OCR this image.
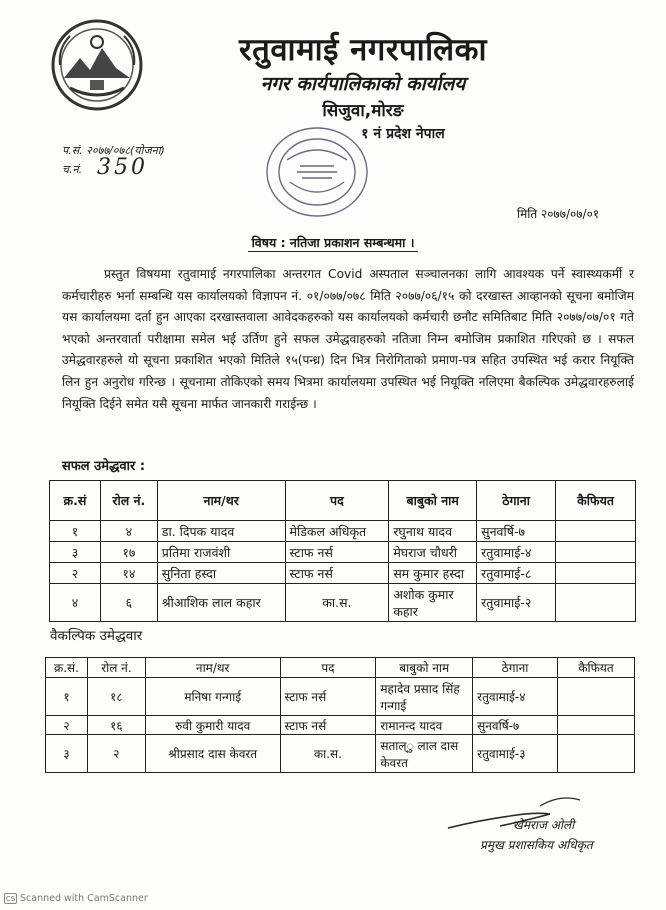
रतुवामाई नगरपालिका
नगर कार्यपालिकाको कार्यालय
सिजुवा,मोरङ
१ नं प्रदेश नेपाल
प.सं. २०७७/०७८(योजना)
च.नं. 350
मिति २०७७/०७/०१
विषय : नतिजा प्रकाशन सम्बन्धमा ।
प्रस्तुत विषयमा रतुवामाई नगरपालिका अन्तरगत Covid अस्पताल सञ्चालनका लागि आवश्यक पर्ने स्वास्थ्यकर्मी र कर्मचारीहरु भर्ना सम्बन्धि यस कार्यालयको विज्ञापन नं. ०१/०७७/०७८ मिति २०७७/०६/१५ को दरखास्त आव्हानको सूचना बमोजिम यस कार्यालयमा दर्ता हुन आएका दरखास्तवाला आवेदकहरुको यस कार्यालयको कर्मचारी छनौट समितिबाट मिति २०७७/०७/०१ गते भएको अन्तरवार्ता परीक्षामा समेल भई उर्तिण हुने सफल उमेद्धवाहरुको नतिजा निम्न बमोजिम प्रकाशित गरिएको छ । सफल उमेद्धवारहरुले यो सूचना प्रकाशित भएको मितिले १५(पन्ध्र) दिन भित्र निरोगिताको प्रमाण-पत्र सहित उपस्थित भई करार नियूक्ति लिन हुन अनुरोध गरिन्छ । सूचनामा तोकिएको समय भित्रमा कार्यालयमा उपस्थित भई नियूक्ति नलिएमा बैकल्पिक उमेद्धवारहरुलाई नियूक्ति दिईने समेत यसै सूचना मार्फत जानकारी गराईन्छ ।
सफल उमेद्धवार :
क्र.सं	रोल नं.	नाम/थर	पद	बाबुको नाम	ठेगाना	कैफियत
१	४	डा. दिपक यादव	मेडिकल अधिकृत	रघुनाथ यादव	सुनवर्षि-७	
३	१७	प्रतिमा राजवंशी	स्टाफ नर्स	मेघराज चौधरी	रतुवामाई-४	
२	१४	सुनिता हस्दा	स्टाफ नर्स	सम कुमार हस्दा	रतुवामाई-८	
४	६	श्रीआशिक लाल कहार	का.स.	अशोक कुमार कहार	रतुवामाई-२	
वैकल्पिक उमेद्धवार
क्र.सं.	रोल नं.	नाम/थर	पद	बाबुको नाम	ठेगाना	कैफियत
१	१८	मनिषा गन्गाई	स्टाफ नर्स	महादेव प्रसाद सिंह गन्गाई	रतुवामाई-४	
२	१६	रुवी कुमारी यादव	स्टाफ नर्स	रामानन्द यादव	सुनवर्षि-७	
३	२	श्रीप्रसाद दास केवरत	का.स.	सताल्ु लाल दास केवरत	रतुवामाई-३	
खेमराज ओली
प्रमुख प्रशासकिय अधिकृत
CS Scanned with CamScanner
